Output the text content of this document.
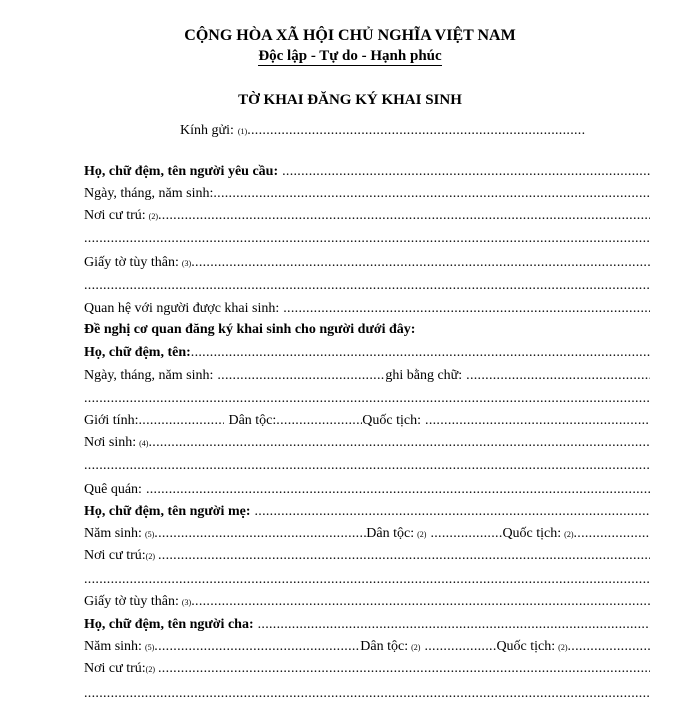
CỘNG HÒA XÃ HỘI CHỦ NGHĨA VIỆT NAM
Độc lập - Tự do - Hạnh phúc
TỜ KHAI ĐĂNG KÝ KHAI SINH
Kính gửi: (1)
.....
Họ, chữ đệm, tên người yêu cầu:
.....
Ngày, tháng, năm sinh:
.....
Nơi cư trú: (2)
.....
.....
Giấy tờ tùy thân: (3)
.....
.....
Quan hệ với người được khai sinh:
.....
Đề nghị cơ quan đăng ký khai sinh cho người dưới đây:
Họ, chữ đệm, tên:
.....
Ngày, tháng, năm sinh: .....	ghi bằng chữ:
.....
.....
Giới tính: .....	Dân tộc: .....	Quốc tịch:
.....
Nơi sinh: (4)
.....
.....
Quê quán:
.....
Họ, chữ đệm, tên người mẹ:
.....
Năm sinh: (5) .....	Dân tộc: (2) .....	Quốc tịch: (2)
.....
Nơi cư trú: (2)
.....
.....
Giấy tờ tùy thân: (3)
.....
Họ, chữ đệm, tên người cha:
.....
Năm sinh: (5) .....	Dân tộc: (2) .....	Quốc tịch: (2)
.....
Nơi cư trú: (2)
.....
.....
